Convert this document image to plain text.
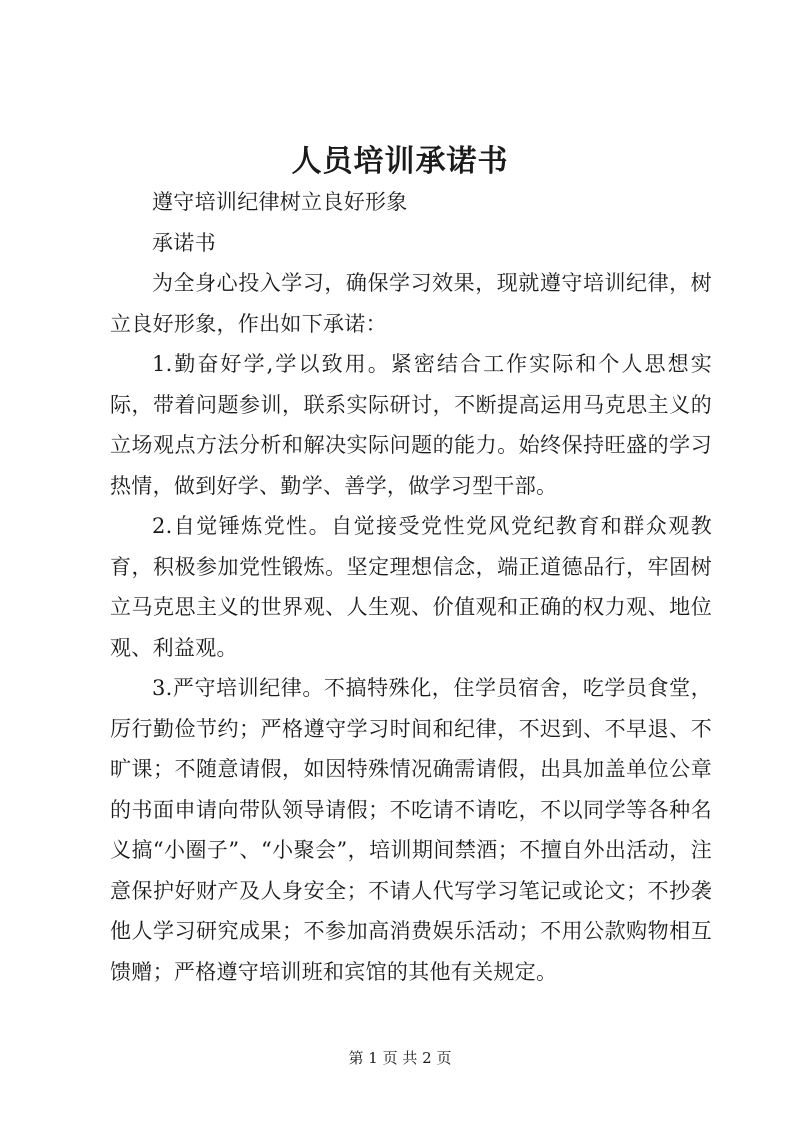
人员培训承诺书

遵守培训纪律树立良好形象

承诺书

为全身心投入学习，确保学习效果，现就遵守培训纪律，树立良好形象，作出如下承诺：

1.勤奋好学,学以致用。紧密结合工作实际和个人思想实际，带着问题参训，联系实际研讨，不断提高运用马克思主义的立场观点方法分析和解决实际问题的能力。始终保持旺盛的学习热情，做到好学、勤学、善学，做学习型干部。

2.自觉锤炼党性。自觉接受党性党风党纪教育和群众观教育，积极参加党性锻炼。坚定理想信念，端正道德品行，牢固树立马克思主义的世界观、人生观、价值观和正确的权力观、地位观、利益观。

3.严守培训纪律。不搞特殊化，住学员宿舍，吃学员食堂，厉行勤俭节约；严格遵守学习时间和纪律，不迟到、不早退、不旷课；不随意请假，如因特殊情况确需请假，出具加盖单位公章的书面申请向带队领导请假；不吃请不请吃，不以同学等各种名义搞“小圈子”、“小聚会”，培训期间禁酒；不擅自外出活动，注意保护好财产及人身安全；不请人代写学习笔记或论文；不抄袭他人学习研究成果；不参加高消费娱乐活动；不用公款购物相互馈赠；严格遵守培训班和宾馆的其他有关规定。

第 1 页 共 2 页
